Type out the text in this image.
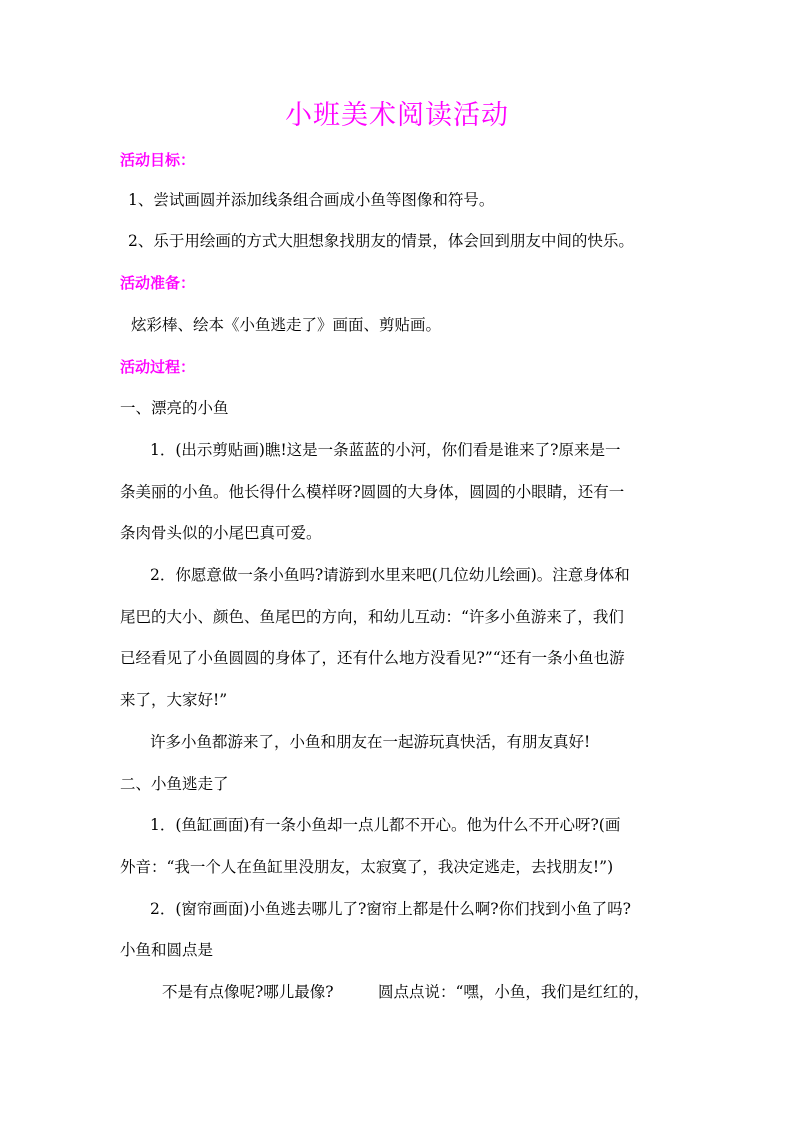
小班美术阅读活动
活动目标：
1、尝试画圆并添加线条组合画成小鱼等图像和符号。
2、乐于用绘画的方式大胆想象找朋友的情景，体会回到朋友中间的快乐。
活动准备：
炫彩棒、绘本《小鱼逃走了》画面、剪贴画。
活动过程：
一、漂亮的小鱼
1．(出示剪贴画)瞧!这是一条蓝蓝的小河，你们看是谁来了?原来是一
条美丽的小鱼。他长得什么模样呀?圆圆的大身体，圆圆的小眼睛，还有一
条肉骨头似的小尾巴真可爱。
2．你愿意做一条小鱼吗?请游到水里来吧(几位幼儿绘画)。注意身体和
尾巴的大小、颜色、鱼尾巴的方向，和幼儿互动：“许多小鱼游来了，我们
已经看见了小鱼圆圆的身体了，还有什么地方没看见?”“还有一条小鱼也游
来了，大家好!”
许多小鱼都游来了，小鱼和朋友在一起游玩真快活，有朋友真好!
二、小鱼逃走了
1．(鱼缸画面)有一条小鱼却一点儿都不开心。他为什么不开心呀?(画
外音：“我一个人在鱼缸里没朋友，太寂寞了，我决定逃走，去找朋友!”)
2．(窗帘画面)小鱼逃去哪儿了?窗帘上都是什么啊?你们找到小鱼了吗?
小鱼和圆点是
不是有点像呢?哪儿最像?	圆点点说：“嘿，小鱼，我们是红红的，
